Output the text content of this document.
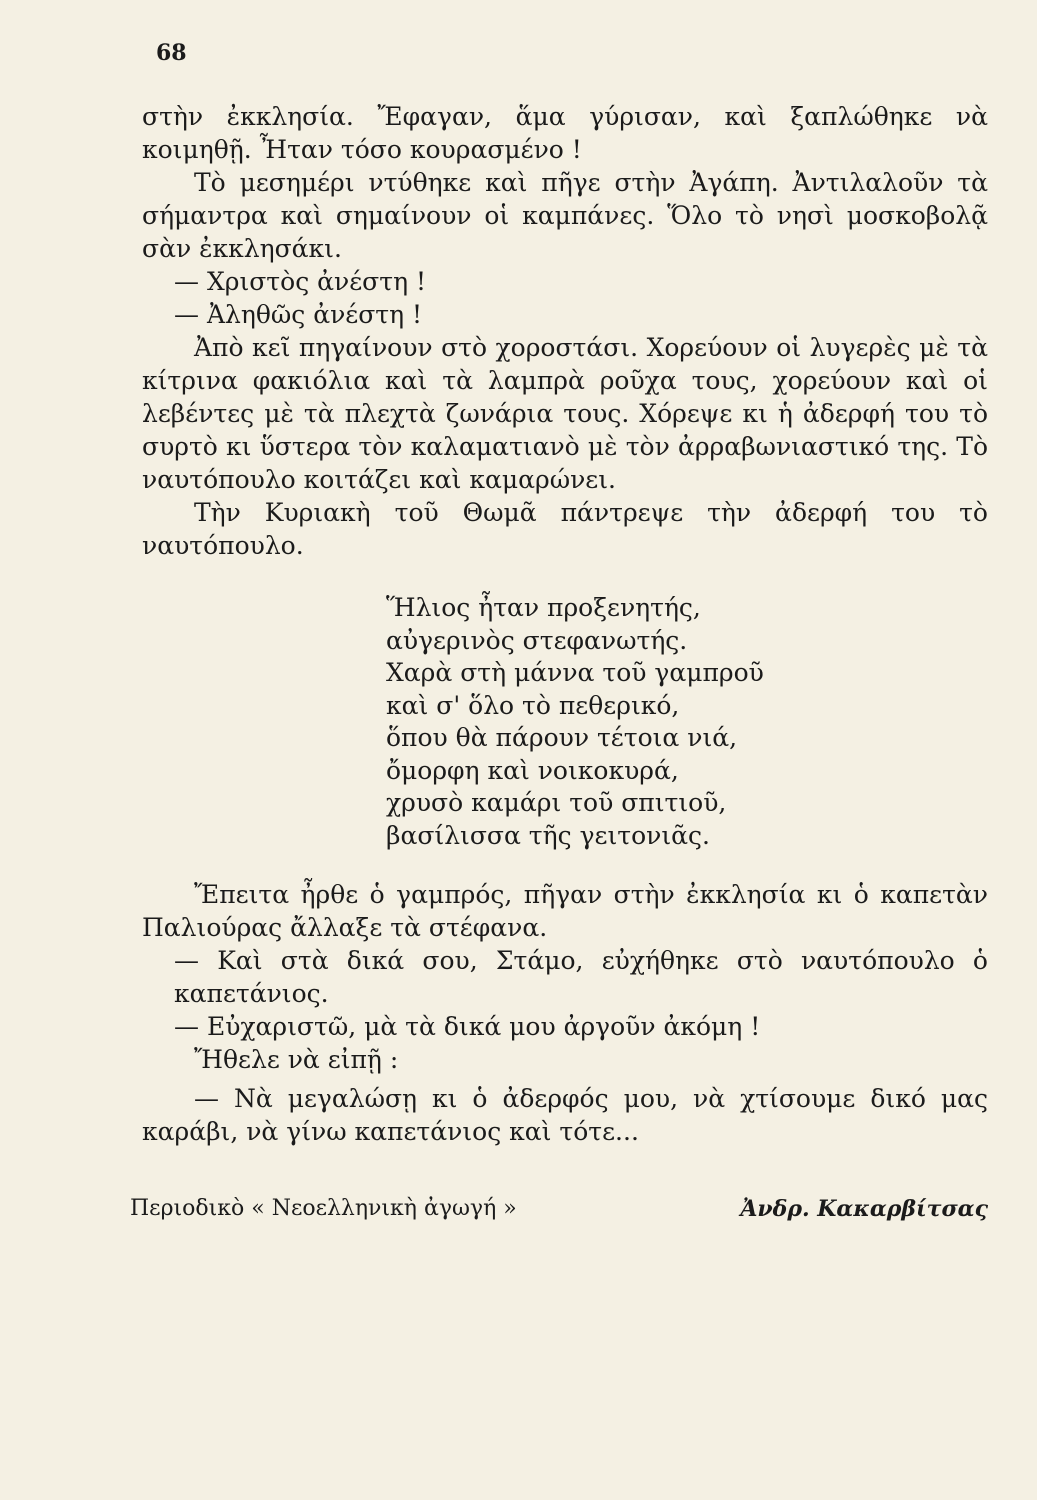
68

στὴν ἐκκλησία. Ἔφαγαν, ἅμα γύρισαν, καὶ ξαπλώθηκε νὰ κοιμηθῇ. Ἦταν τόσο κουρασμένο !

Τὸ μεσημέρι ντύθηκε καὶ πῆγε στὴν Ἀγάπη. Ἀντιλαλοῦν τὰ σήμαντρα καὶ σημαίνουν οἱ καμπάνες. Ὅλο τὸ νησὶ μοσκοβολᾷ σὰν ἐκκλησάκι.

— Χριστὸς ἀνέστη !

— Ἀληθῶς ἀνέστη !

Ἀπὸ κεῖ πηγαίνουν στὸ χοροστάσι. Χορεύουν οἱ λυγερὲς μὲ τὰ κίτρινα φακιόλια καὶ τὰ λαμπρὰ ροῦχα τους, χορεύουν καὶ οἱ λεβέντες μὲ τὰ πλεχτὰ ζωνάρια τους. Χόρεψε κι ἡ ἀδερφή του τὸ συρτὸ κι ὕστερα τὸν καλαματιανὸ μὲ τὸν ἀρραβωνιαστικό της. Τὸ ναυτόπουλο κοιτάζει καὶ καμαρώνει.

Τὴν Κυριακὴ τοῦ Θωμᾶ πάντρεψε τὴν ἀδερφή του τὸ ναυτόπουλο.

Ἥλιος ἦταν προξενητής,
αὐγερινὸς στεφανωτής.
Χαρὰ στὴ μάννα τοῦ γαμπροῦ
καὶ σ' ὅλο τὸ πεθερικό,
ὅπου θὰ πάρουν τέτοια νιά,
ὄμορφη καὶ νοικοκυρά,
χρυσὸ καμάρι τοῦ σπιτιοῦ,
βασίλισσα τῆς γειτονιᾶς.

Ἔπειτα ἦρθε ὁ γαμπρός, πῆγαν στὴν ἐκκλησία κι ὁ καπετὰν Παλιούρας ἄλλαξε τὰ στέφανα.

— Καὶ στὰ δικά σου, Στάμο, εὐχήθηκε στὸ ναυτόπουλο ὁ καπετάνιος.

— Εὐχαριστῶ, μὰ τὰ δικά μου ἀργοῦν ἀκόμη !

Ἤθελε νὰ εἰπῇ :

— Νὰ μεγαλώσῃ κι ὁ ἀδερφός μου, νὰ χτίσουμε δικό μας καράβι, νὰ γίνω καπετάνιος καὶ τότε...

Περιοδικὸ « Νεοελληνικὴ ἀγωγή »	Ἀνδρ. Κακαρβίτσας
